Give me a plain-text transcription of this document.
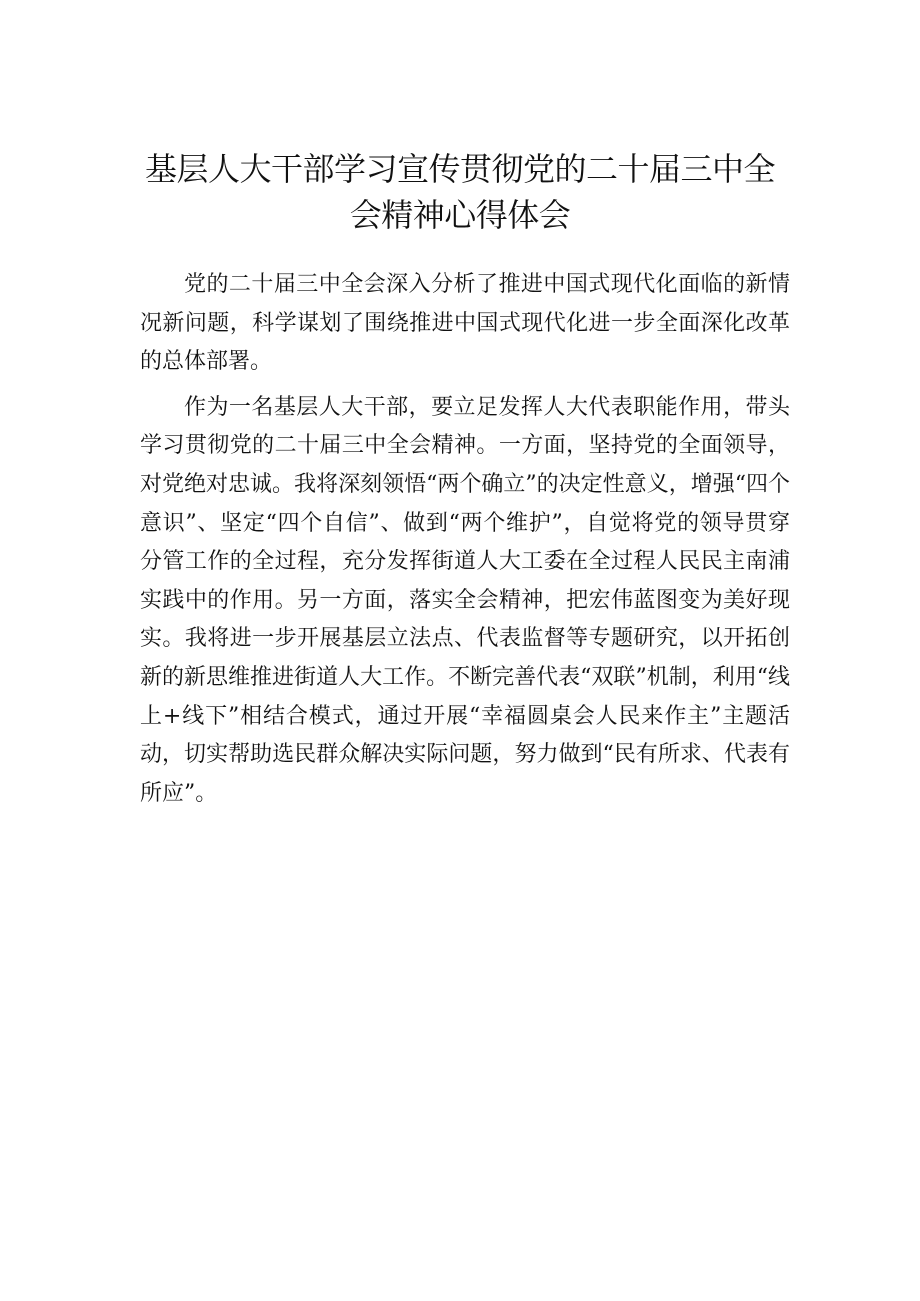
基层人大干部学习宣传贯彻党的二十届三中全
会精神心得体会

党的二十届三中全会深入分析了推进中国式现代化面临的新情况新问题，科学谋划了围绕推进中国式现代化进一步全面深化改革的总体部署。

作为一名基层人大干部，要立足发挥人大代表职能作用，带头学习贯彻党的二十届三中全会精神。一方面，坚持党的全面领导，对党绝对忠诚。我将深刻领悟“两个确立”的决定性意义，增强“四个意识”、坚定“四个自信”、做到“两个维护”，自觉将党的领导贯穿分管工作的全过程，充分发挥街道人大工委在全过程人民民主南浦实践中的作用。另一方面，落实全会精神，把宏伟蓝图变为美好现实。我将进一步开展基层立法点、代表监督等专题研究，以开拓创新的新思维推进街道人大工作。不断完善代表“双联”机制，利用“线上+线下”相结合模式，通过开展“幸福圆桌会人民来作主”主题活动，切实帮助选民群众解决实际问题，努力做到“民有所求、代表有所应”。
